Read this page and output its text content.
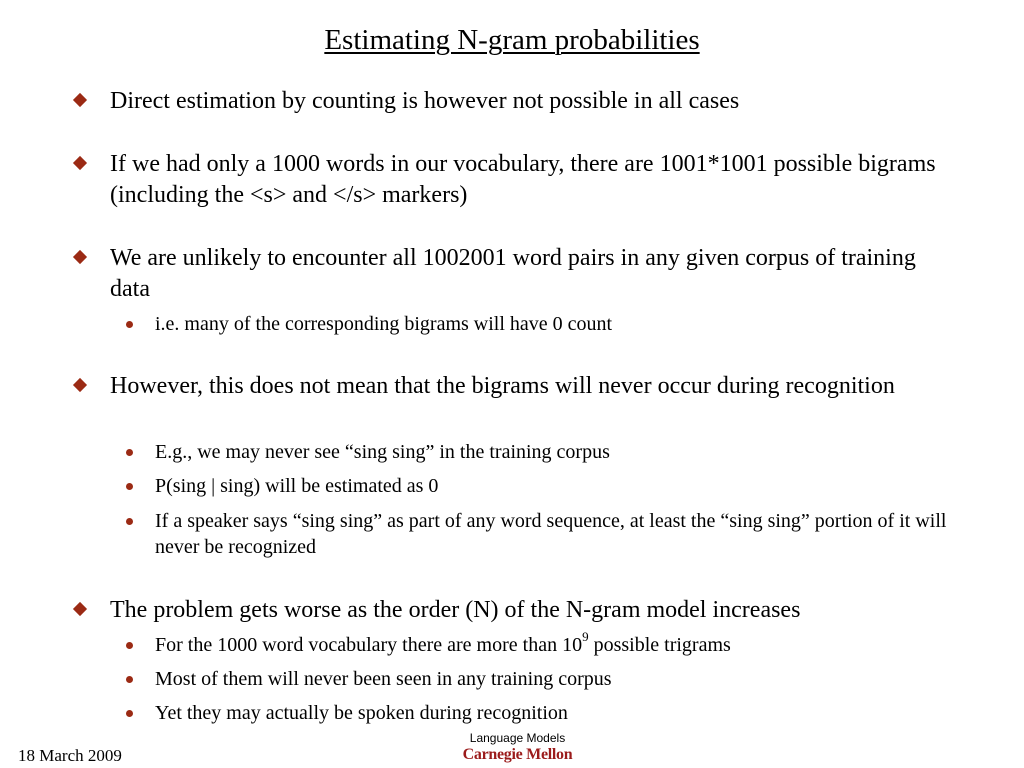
Estimating N-gram probabilities
Direct estimation by counting is however not possible in all cases
If we had only a 1000 words in our vocabulary, there are 1001*1001 possible bigrams (including the <s> and </s> markers)
We are unlikely to encounter all 1002001 word pairs in any given corpus of training data
i.e. many of the corresponding bigrams will have 0 count
However, this does not mean that the bigrams will never occur during recognition
E.g., we may never see “sing sing” in the training corpus
P(sing | sing) will be estimated as 0
If a speaker says “sing sing” as part of any word sequence, at least the “sing sing” portion of it will never be recognized
The problem gets worse as the order (N) of the N-gram model increases
For the 1000 word vocabulary there are more than $10^9$ possible trigrams
Most of them will never been seen in any training corpus
Yet they may actually be spoken during recognition
18 March 2009
Language Models
Carnegie Mellon
